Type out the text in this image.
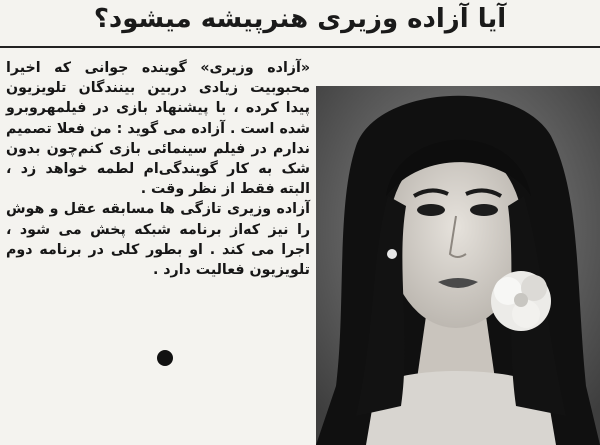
آیا آزاده وزیری هنرپیشه میشود؟

«آزاده وزیری» گوینده جوانی که اخیرا محبوبیت زیادی دربین بینندگان تلویزیون پیدا کرده ، با پیشنهاد بازی در فیلمهروبرو شده است . آزاده می گوید : من فعلا تصمیم ندارم در فیلم سینمائی بازی کنم‌چون بدون شک به کار گویندگی‌ام لطمه خواهد زد ، البته فقط از نظر وقت .

آزاده وزیری تازگی ها مسابقه عقل و هوش را نیز که‌از برنامه شبکه پخش می شود ، اجرا می کند . او بطور کلی در برنامه دوم تلویزیون فعالیت دارد .
